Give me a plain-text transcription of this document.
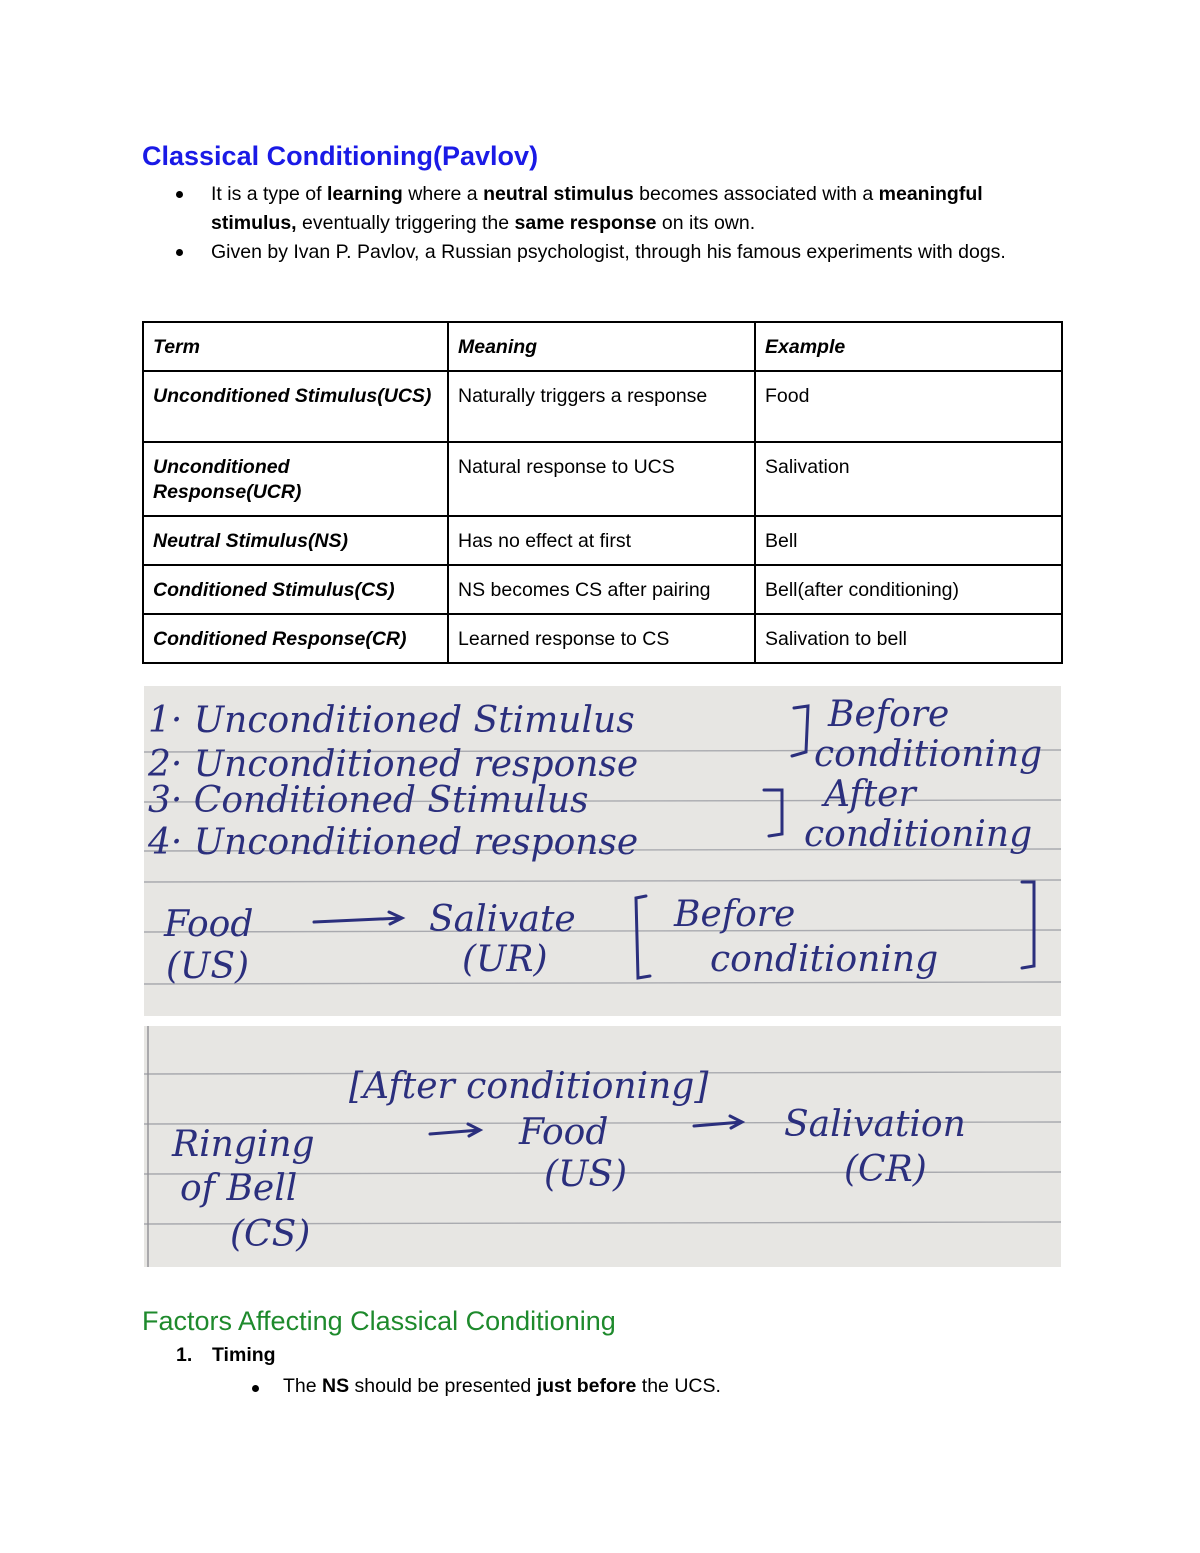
Classical Conditioning(Pavlov)
It is a type of learning where a neutral stimulus becomes associated with a meaningful stimulus, eventually triggering the same response on its own.
Given by Ivan P. Pavlov, a Russian psychologist, through his famous experiments with dogs.
Term	Meaning	Example
Unconditioned Stimulus(UCS)	Naturally triggers a response	Food
Unconditioned Response(UCR)	Natural response to UCS	Salivation
Neutral Stimulus(NS)	Has no effect at first	Bell
Conditioned Stimulus(CS)	NS becomes CS after pairing	Bell(after conditioning)
Conditioned Response(CR)	Learned response to CS	Salivation to bell
1· Unconditioned Stimulus
2· Unconditioned response
3· Conditioned Stimulus
4· Unconditioned response
Before
conditioning
After
conditioning
Food
(US)
Salivate
(UR)
Before
conditioning
[After conditioning]
Ringing
of Bell
(CS)
Food
(US)
Salivation
(CR)
Factors Affecting Classical Conditioning
1. Timing
The NS should be presented just before the UCS.
